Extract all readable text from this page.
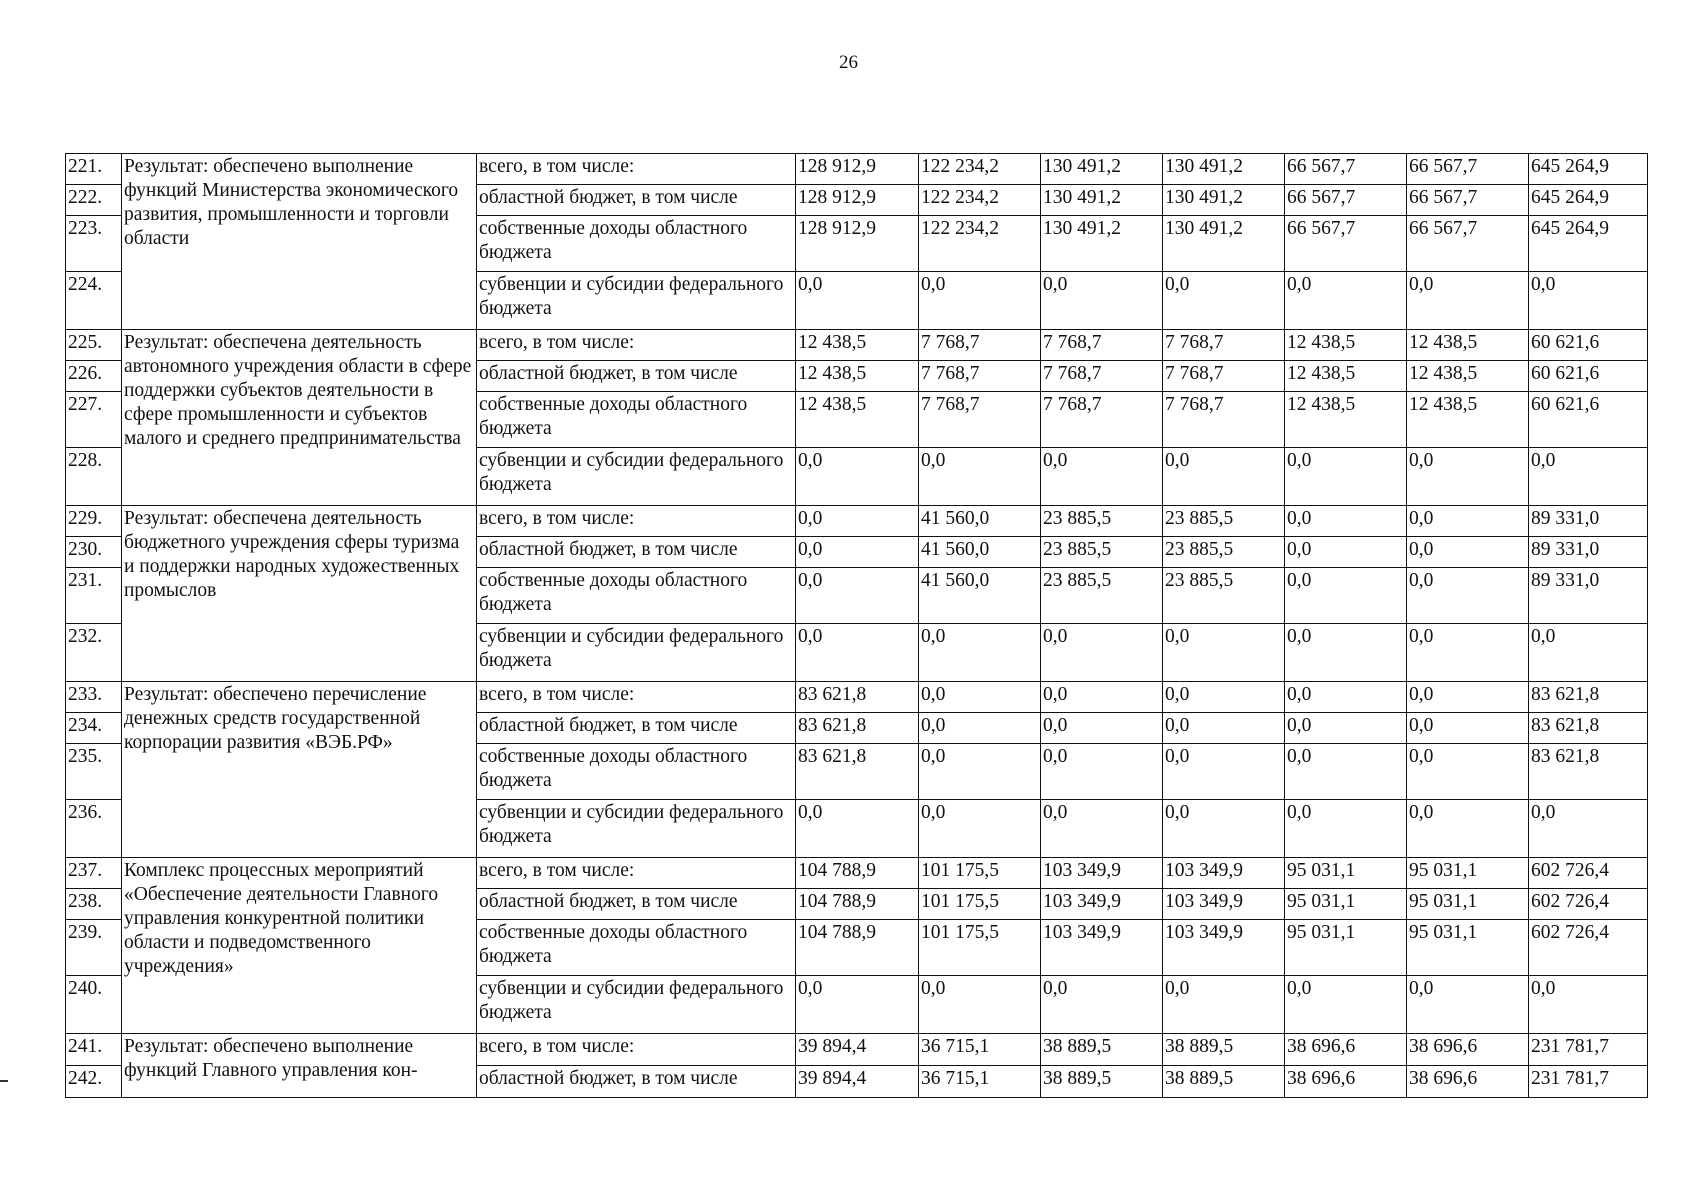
26
221.	Результат: обеспечено выполнение функций Министерства экономического развития, промышленности и торговли области	всего, в том числе:	128 912,9	122 234,2	130 491,2	130 491,2	66 567,7	66 567,7	645 264,9
222.		областной бюджет, в том числе	128 912,9	122 234,2	130 491,2	130 491,2	66 567,7	66 567,7	645 264,9
223.		собственные доходы областного бюджета	128 912,9	122 234,2	130 491,2	130 491,2	66 567,7	66 567,7	645 264,9
224.		субвенции и субсидии федерального бюджета	0,0	0,0	0,0	0,0	0,0	0,0	0,0
225.	Результат: обеспечена деятельность автономного учреждения области в сфере поддержки субъектов деятельности в сфере промышленности и субъектов малого и среднего предпринимательства	всего, в том числе:	12 438,5	7 768,7	7 768,7	7 768,7	12 438,5	12 438,5	60 621,6
226.		областной бюджет, в том числе	12 438,5	7 768,7	7 768,7	7 768,7	12 438,5	12 438,5	60 621,6
227.		собственные доходы областного бюджета	12 438,5	7 768,7	7 768,7	7 768,7	12 438,5	12 438,5	60 621,6
228.		субвенции и субсидии федерального бюджета	0,0	0,0	0,0	0,0	0,0	0,0	0,0
229.	Результат: обеспечена деятельность бюджетного учреждения сферы туризма и поддержки народных художественных промыслов	всего, в том числе:	0,0	41 560,0	23 885,5	23 885,5	0,0	0,0	89 331,0
230.		областной бюджет, в том числе	0,0	41 560,0	23 885,5	23 885,5	0,0	0,0	89 331,0
231.		собственные доходы областного бюджета	0,0	41 560,0	23 885,5	23 885,5	0,0	0,0	89 331,0
232.		субвенции и субсидии федерального бюджета	0,0	0,0	0,0	0,0	0,0	0,0	0,0
233.	Результат: обеспечено перечисление денежных средств государственной корпорации развития «ВЭБ.РФ»	всего, в том числе:	83 621,8	0,0	0,0	0,0	0,0	0,0	83 621,8
234.		областной бюджет, в том числе	83 621,8	0,0	0,0	0,0	0,0	0,0	83 621,8
235.		собственные доходы областного бюджета	83 621,8	0,0	0,0	0,0	0,0	0,0	83 621,8
236.		субвенции и субсидии федерального бюджета	0,0	0,0	0,0	0,0	0,0	0,0	0,0
237.	Комплекс процессных мероприятий «Обеспечение деятельности Главного управления конкурентной политики области и подведомственного учреждения»	всего, в том числе:	104 788,9	101 175,5	103 349,9	103 349,9	95 031,1	95 031,1	602 726,4
238.		областной бюджет, в том числе	104 788,9	101 175,5	103 349,9	103 349,9	95 031,1	95 031,1	602 726,4
239.		собственные доходы областного бюджета	104 788,9	101 175,5	103 349,9	103 349,9	95 031,1	95 031,1	602 726,4
240.		субвенции и субсидии федерального бюджета	0,0	0,0	0,0	0,0	0,0	0,0	0,0
241.	Результат: обеспечено выполнение функций Главного управления кон-	всего, в том числе:	39 894,4	36 715,1	38 889,5	38 889,5	38 696,6	38 696,6	231 781,7
242.		областной бюджет, в том числе	39 894,4	36 715,1	38 889,5	38 889,5	38 696,6	38 696,6	231 781,7
